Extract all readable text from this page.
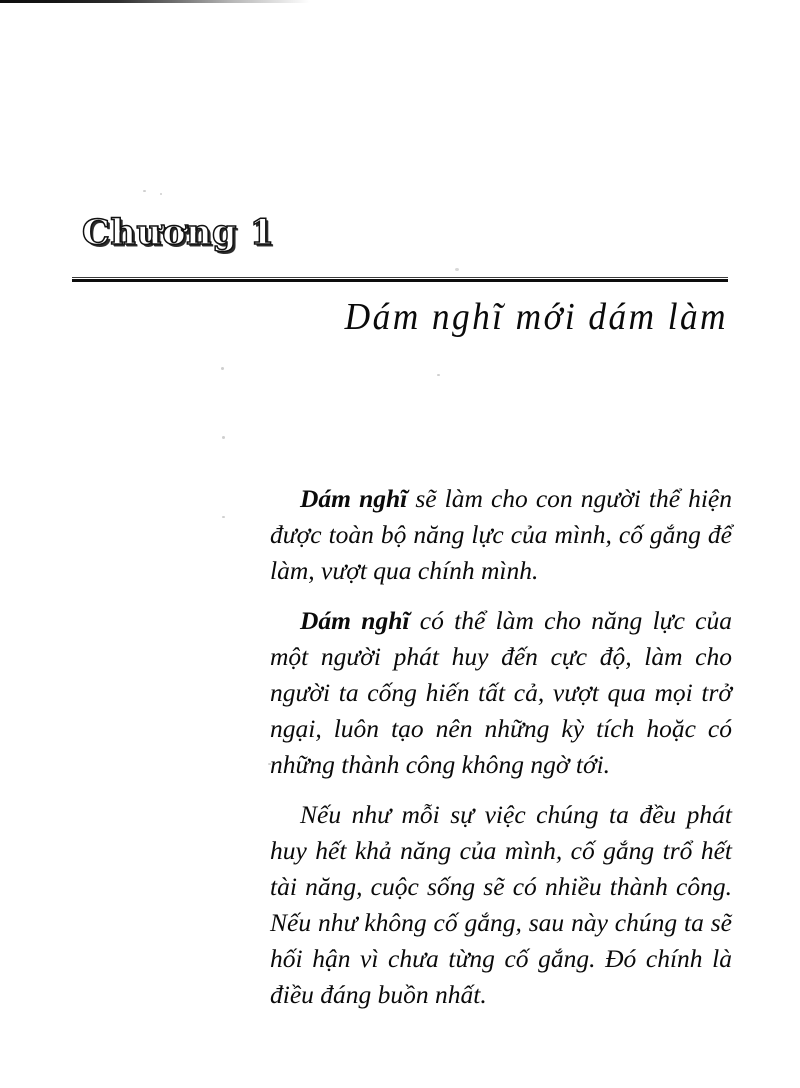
Chương 1
Dám nghĩ mới dám làm

Dám nghĩ sẽ làm cho con người thể hiện được toàn bộ năng lực của mình, cố gắng để làm, vượt qua chính mình.

Dám nghĩ có thể làm cho năng lực của một người phát huy đến cực độ, làm cho người ta cống hiến tất cả, vượt qua mọi trở ngại, luôn tạo nên những kỳ tích hoặc có những thành công không ngờ tới.

Nếu như mỗi sự việc chúng ta đều phát huy hết khả năng của mình, cố gắng trổ hết tài năng, cuộc sống sẽ có nhiều thành công. Nếu như không cố gắng, sau này chúng ta sẽ hối hận vì chưa từng cố gắng. Đó chính là điều đáng buồn nhất.
